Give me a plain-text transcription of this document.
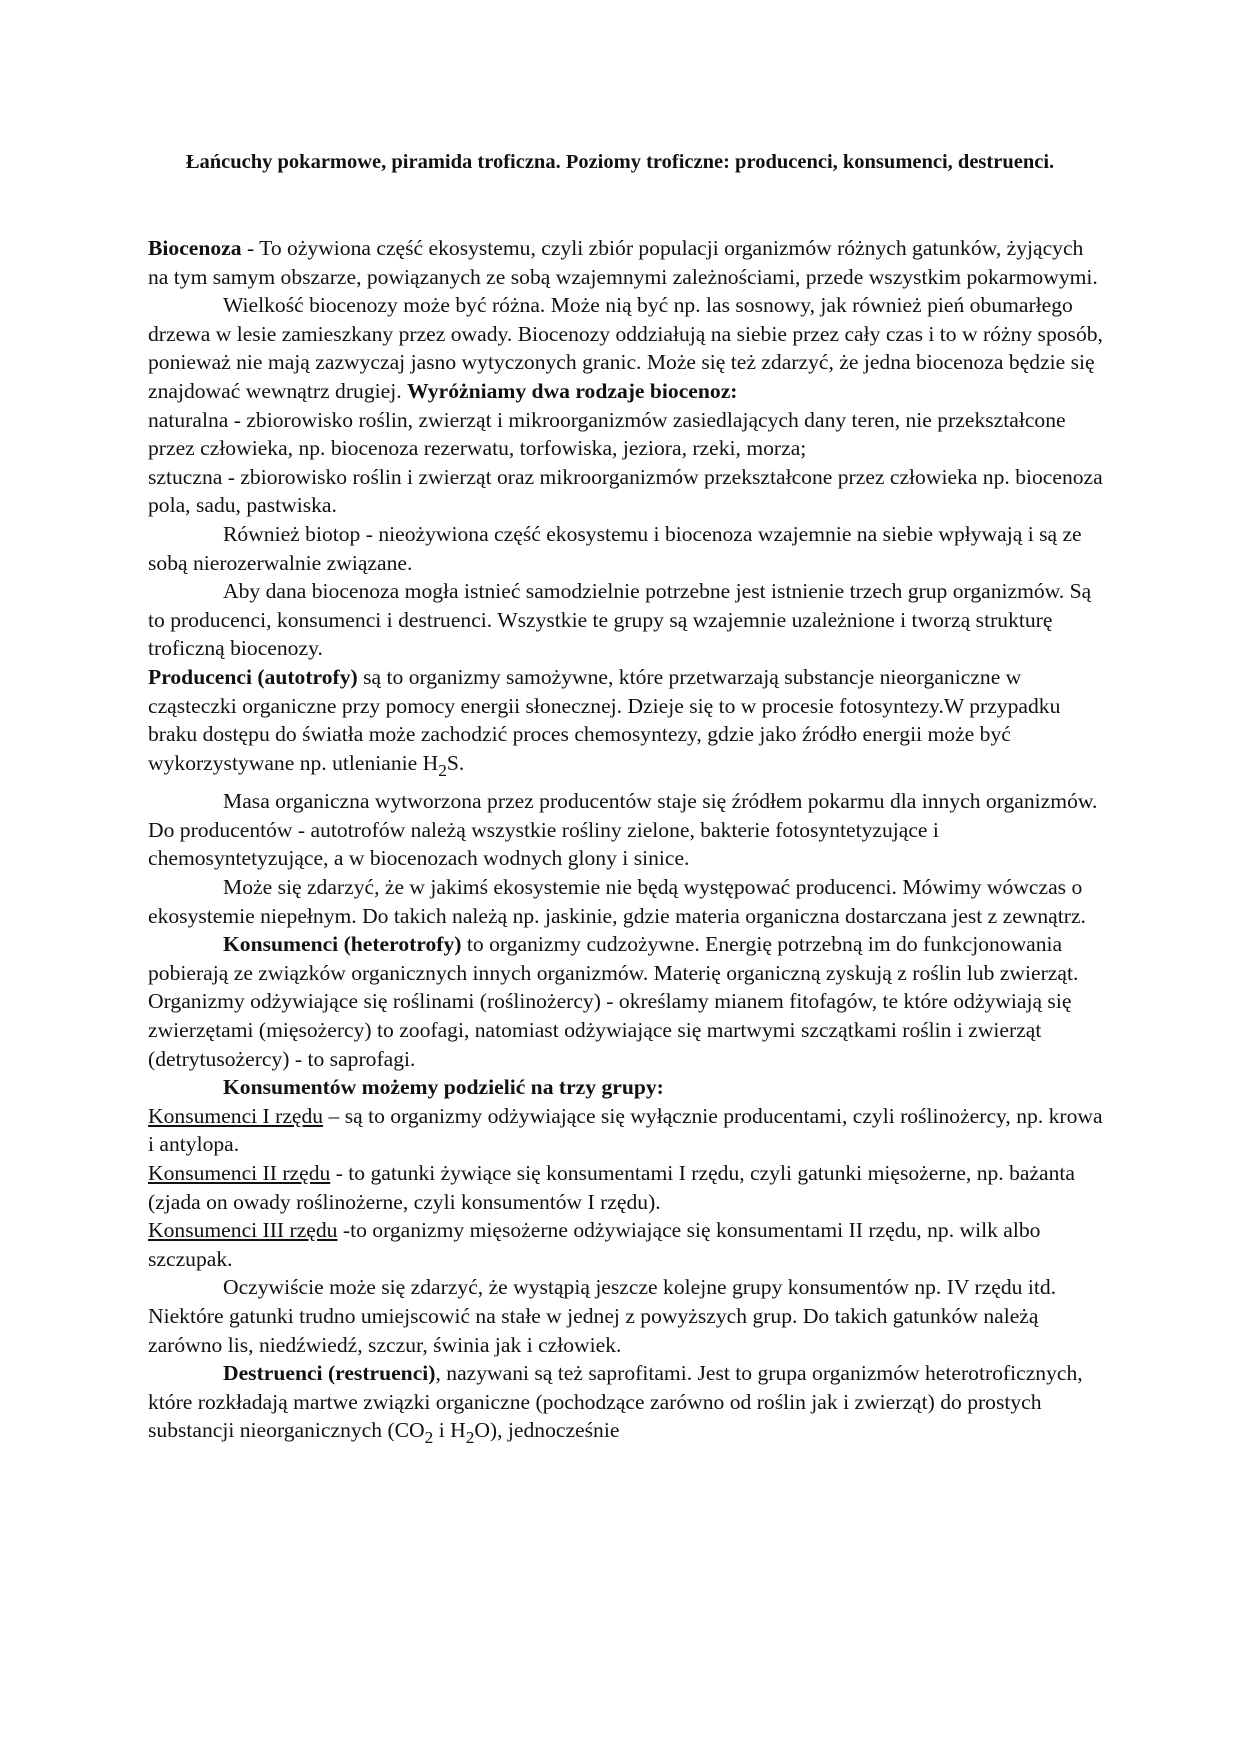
Łańcuchy pokarmowe, piramida troficzna. Poziomy troficzne: producenci, konsumenci, destruenci.

Biocenoza - To ożywiona część ekosystemu, czyli zbiór populacji organizmów różnych gatunków, żyjących na tym samym obszarze, powiązanych ze sobą wzajemnymi zależnościami, przede wszystkim pokarmowymi.

Wielkość biocenozy może być różna. Może nią być np. las sosnowy, jak również pień obumarłego drzewa w lesie zamieszkany przez owady. Biocenozy oddziałują na siebie przez cały czas i to w różny sposób, ponieważ nie mają zazwyczaj jasno wytyczonych granic. Może się też zdarzyć, że jedna biocenoza będzie się znajdować wewnątrz drugiej. Wyróżniamy dwa rodzaje biocenoz:

naturalna - zbiorowisko roślin, zwierząt i mikroorganizmów zasiedlających dany teren, nie przekształcone przez człowieka, np. biocenoza rezerwatu, torfowiska, jeziora, rzeki, morza;

sztuczna - zbiorowisko roślin i zwierząt oraz mikroorganizmów przekształcone przez człowieka np. biocenoza pola, sadu, pastwiska.

Również biotop - nieożywiona część ekosystemu i biocenoza wzajemnie na siebie wpływają i są ze sobą nierozerwalnie związane.

Aby dana biocenoza mogła istnieć samodzielnie potrzebne jest istnienie trzech grup organizmów. Są to producenci, konsumenci i destruenci. Wszystkie te grupy są wzajemnie uzależnione i tworzą strukturę troficzną biocenozy.

Producenci (autotrofy) są to organizmy samożywne, które przetwarzają substancje nieorganiczne w cząsteczki organiczne przy pomocy energii słonecznej. Dzieje się to w procesie fotosyntezy.W przypadku braku dostępu do światła może zachodzić proces chemosyntezy, gdzie jako źródło energii może być wykorzystywane np. utlenianie $H_2S$.

Masa organiczna wytworzona przez producentów staje się źródłem pokarmu dla innych organizmów. Do producentów - autotrofów należą wszystkie rośliny zielone, bakterie fotosyntetyzujące i chemosyntetyzujące, a w biocenozach wodnych glony i sinice.

Może się zdarzyć, że w jakimś ekosystemie nie będą występować producenci. Mówimy wówczas o ekosystemie niepełnym. Do takich należą np. jaskinie, gdzie materia organiczna dostarczana jest z zewnątrz.

Konsumenci (heterotrofy) to organizmy cudzożywne. Energię potrzebną im do funkcjonowania pobierają ze związków organicznych innych organizmów. Materię organiczną zyskują z roślin lub zwierząt.

Organizmy odżywiające się roślinami (roślinożercy) - określamy mianem fitofagów, te które odżywiają się zwierzętami (mięsożercy) to zoofagi, natomiast odżywiające się martwymi szczątkami roślin i zwierząt (detrytusożercy) - to saprofagi.

Konsumentów możemy podzielić na trzy grupy:

Konsumenci I rzędu – są to organizmy odżywiające się wyłącznie producentami, czyli roślinożercy, np. krowa i antylopa.

Konsumenci II rzędu - to gatunki żywiące się konsumentami I rzędu, czyli gatunki mięsożerne, np. bażanta (zjada on owady roślinożerne, czyli konsumentów I rzędu).

Konsumenci III rzędu -to organizmy mięsożerne odżywiające się konsumentami II rzędu, np. wilk albo szczupak.

Oczywiście może się zdarzyć, że wystąpią jeszcze kolejne grupy konsumentów np. IV rzędu itd. Niektóre gatunki trudno umiejscowić na stałe w jednej z powyższych grup. Do takich gatunków należą zarówno lis, niedźwiedź, szczur, świnia jak i człowiek.

Destruenci (restruenci), nazywani są też saprofitami. Jest to grupa organizmów heterotroficznych, które rozkładają martwe związki organiczne (pochodzące zarówno od roślin jak i zwierząt) do prostych substancji nieorganicznych ($CO_2$ i $H_2O$), jednocześnie
